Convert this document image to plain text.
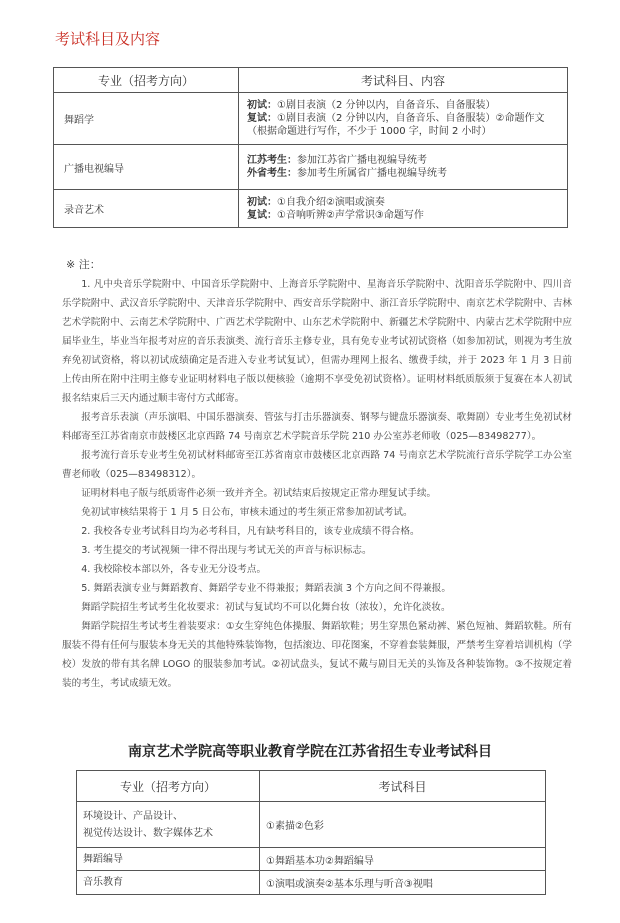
考试科目及内容
专业（招考方向）	考试科目、内容
舞蹈学	初试：①剧目表演（2 分钟以内，自备音乐、自备服装）
复试：①剧目表演（2 分钟以内，自备音乐、自备服装）②命题作文
（根据命题进行写作，不少于 1000 字，时间 2 小时）

广播电视编导	江苏考生：参加江苏省广播电视编导统考
外省考生：参加考生所属省广播电视编导统考

录音艺术	初试：①自我介绍②演唱或演奏
复试：①音响听辨②声学常识③命题写作

※ 注：

1. 凡中央音乐学院附中、中国音乐学院附中、上海音乐学院附中、星海音乐学院附中、沈阳音乐学院附中、四川音乐学院附中、武汉音乐学院附中、天津音乐学院附中、西安音乐学院附中、浙江音乐学院附中、南京艺术学院附中、吉林艺术学院附中、云南艺术学院附中、广西艺术学院附中、山东艺术学院附中、新疆艺术学院附中、内蒙古艺术学院附中应届毕业生，毕业当年报考对应的音乐表演类、流行音乐主修专业，具有免专业考试初试资格（如参加初试，则视为考生放弃免初试资格，将以初试成绩确定是否进入专业考试复试），但需办理网上报名、缴费手续，并于 2023 年 1 月 3 日前上传由所在附中注明主修专业证明材料电子版以便核验（逾期不享受免初试资格）。证明材料纸质版须于复赛在本人初试报名结束后三天内通过顺丰寄付方式邮寄。

报考音乐表演（声乐演唱、中国乐器演奏、管弦与打击乐器演奏、钢琴与键盘乐器演奏、歌舞剧）专业考生免初试材料邮寄至江苏省南京市鼓楼区北京西路 74 号南京艺术学院音乐学院 210 办公室苏老师收（025—83498277）。

报考流行音乐专业考生免初试材料邮寄至江苏省南京市鼓楼区北京西路 74 号南京艺术学院流行音乐学院学工办公室曹老师收（025—83498312）。

证明材料电子版与纸质寄件必须一致并齐全。初试结束后按规定正常办理复试手续。

免初试审核结果将于 1 月 5 日公布，审核未通过的考生须正常参加初试考试。

2. 我校各专业考试科目均为必考科目，凡有缺考科目的，该专业成绩不得合格。

3. 考生提交的考试视频一律不得出现与考试无关的声音与标识标志。

4. 我校除校本部以外，各专业无分设考点。

5. 舞蹈表演专业与舞蹈教育、舞蹈学专业不得兼报；舞蹈表演 3 个方向之间不得兼报。

舞蹈学院招生考试考生化妆要求：初试与复试均不可以化舞台妆（浓妆），允许化淡妆。

舞蹈学院招生考试考生着装要求：①女生穿纯色体操服、舞蹈软鞋；男生穿黑色紧动裤、紧色短袖、舞蹈软鞋。所有服装不得有任何与服装本身无关的其他特殊装饰物，包括滚边、印花图案，不穿着套装舞服，严禁考生穿着培训机构（学校）发放的带有其名牌 LOGO 的服装参加考试。②初试盘头，复试不戴与剧目无关的头饰及各种装饰物。③不按规定着装的考生，考试成绩无效。

南京艺术学院高等职业教育学院在江苏省招生专业考试科目
专业（招考方向）	考试科目

环境设计、产品设计、
视觉传达设计、数字媒体艺术	①素描②色彩
舞蹈编导	①舞蹈基本功②舞蹈编导
音乐教育	①演唱或演奏②基本乐理与听音③视唱
